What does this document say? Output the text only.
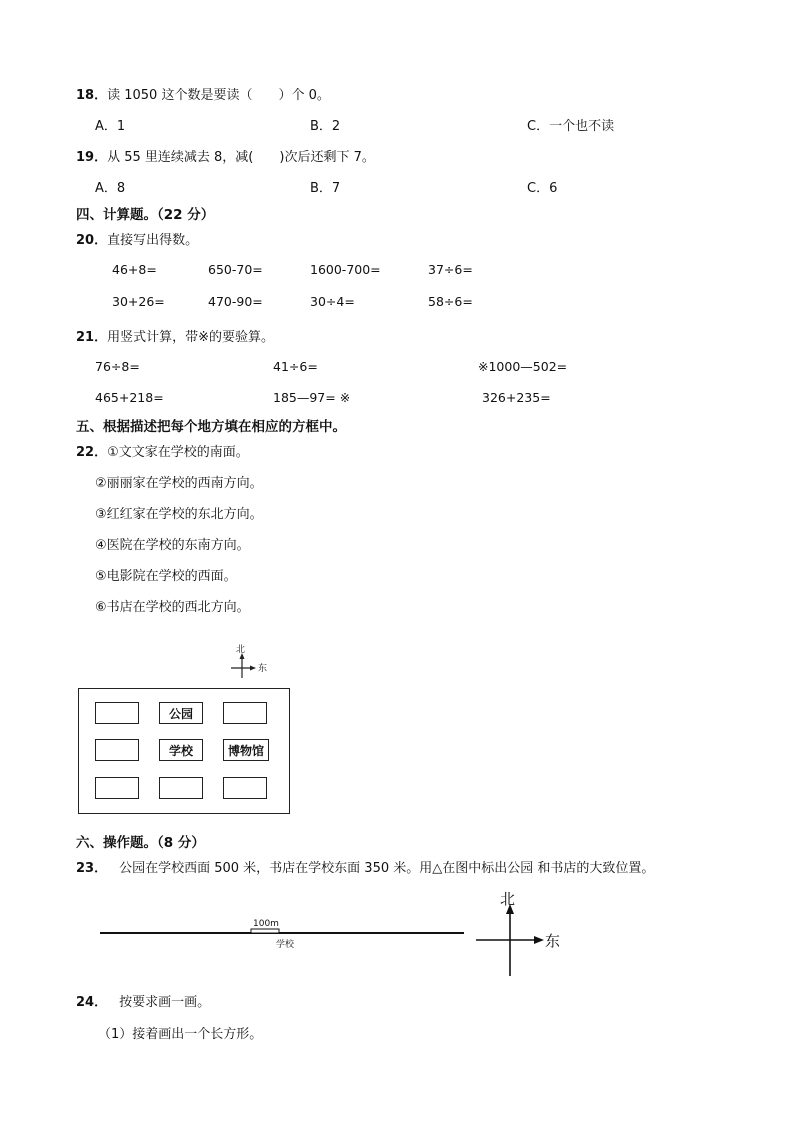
18．读 1050 这个数是要读（　　）个 0。
A．1	B．2	C．一个也不读
19．从 55 里连续减去 8，减(　　)次后还剩下 7。
A．8	B．7	C．6
四、计算题。（22 分）
20．直接写出得数。
46+8=	650-70=	1600-700=	37÷6=
30+26=	470-90=	30÷4=	58÷6=
21．用竖式计算，带※的要验算。
76÷8=	41÷6=	※1000—502=
465+218=	185—97= ※	326+235=
五、根据描述把每个地方填在相应的方框中。
22．①文文家在学校的南面。
②丽丽家在学校的西南方向。
③红红家在学校的东北方向。
④医院在学校的东南方向。
⑤电影院在学校的西面。
⑥书店在学校的西北方向。
北
东
公园
学校	博物馆
六、操作题。（8 分）
23． 公园在学校西面 500 米，书店在学校东面 350 米。用△在图中标出公园 和书店的大致位置。
100m
学校
北
东
24． 按要求画一画。
（1）接着画出一个长方形。
